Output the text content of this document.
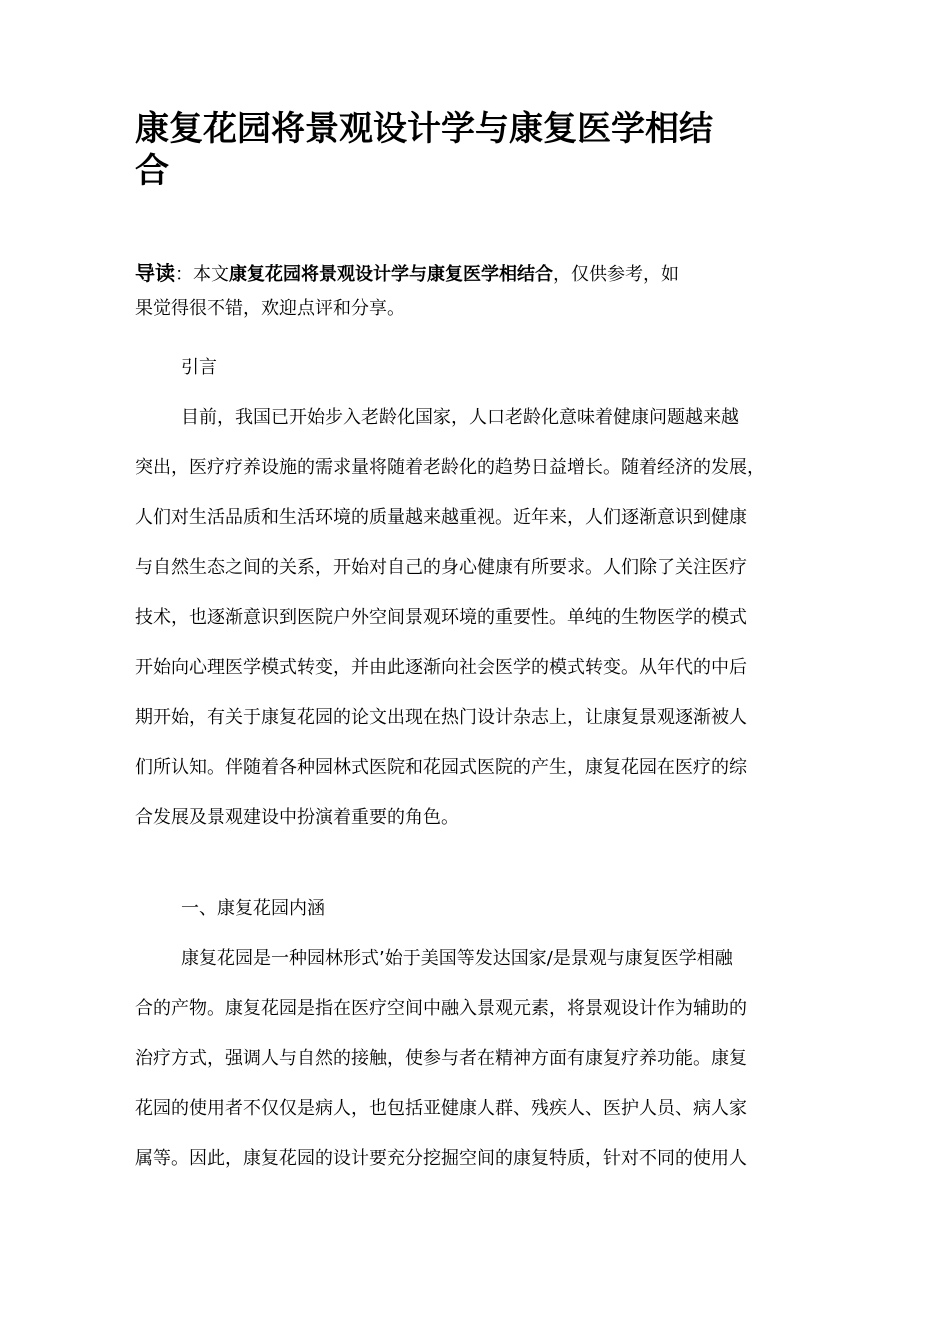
康复花园将景观设计学与康复医学相结
合
导读：本文康复花园将景观设计学与康复医学相结合，仅供参考，如
果觉得很不错，欢迎点评和分享。
引言
目前，我国已开始步入老龄化国家，人口老龄化意味着健康问题越来越
突出，医疗疗养设施的需求量将随着老龄化的趋势日益增长。随着经济的发展，
人们对生活品质和生活环境的质量越来越重视。近年来，人们逐渐意识到健康
与自然生态之间的关系，开始对自己的身心健康有所要求。人们除了关注医疗
技术，也逐渐意识到医院户外空间景观环境的重要性。单纯的生物医学的模式
开始向心理医学模式转变，并由此逐渐向社会医学的模式转变。从年代的中后
期开始，有关于康复花园的论文出现在热门设计杂志上，让康复景观逐渐被人
们所认知。伴随着各种园林式医院和花园式医院的产生，康复花园在医疗的综
合发展及景观建设中扮演着重要的角色。
一、康复花园内涵
康复花园是一种园林形式’始于美国等发达国家/是景观与康复医学相融
合的产物。康复花园是指在医疗空间中融入景观元素，将景观设计作为辅助的
治疗方式，强调人与自然的接触，使参与者在精神方面有康复疗养功能。康复
花园的使用者不仅仅是病人，也包括亚健康人群、残疾人、医护人员、病人家
属等。因此，康复花园的设计要充分挖掘空间的康复特质，针对不同的使用人
